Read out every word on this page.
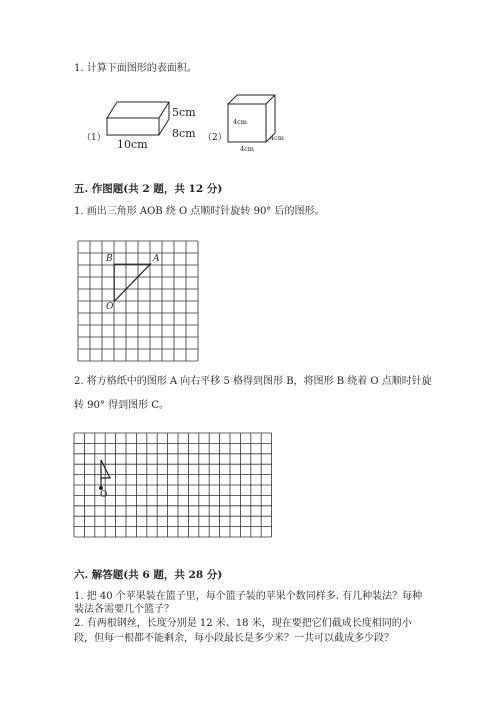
1. 计算下面图形的表面积。
（1）
5cm
8cm
10cm	（2）
4cm
4cm
4cm
五. 作图题(共 2 题，共 12 分)
1. 画出三角形 AOB 绕 O 点顺时针旋转 90° 后的图形。
B	A
O
2. 将方格纸中的图形 A 向右平移 5 格得到图形 B，将图形 B 绕着 O 点顺时针旋
转 90° 得到图形 C。
O
六. 解答题(共 6 题，共 28 分)
1. 把 40 个苹果装在篮子里，每个篮子装的苹果个数同样多. 有几种装法？每种
装法各需要几个篮子？
2. 有两根钢丝，长度分别是 12 米、18 米，现在要把它们截成长度相同的小
段，但每一根都不能剩余，每小段最长是多少米？一共可以截成多少段？
